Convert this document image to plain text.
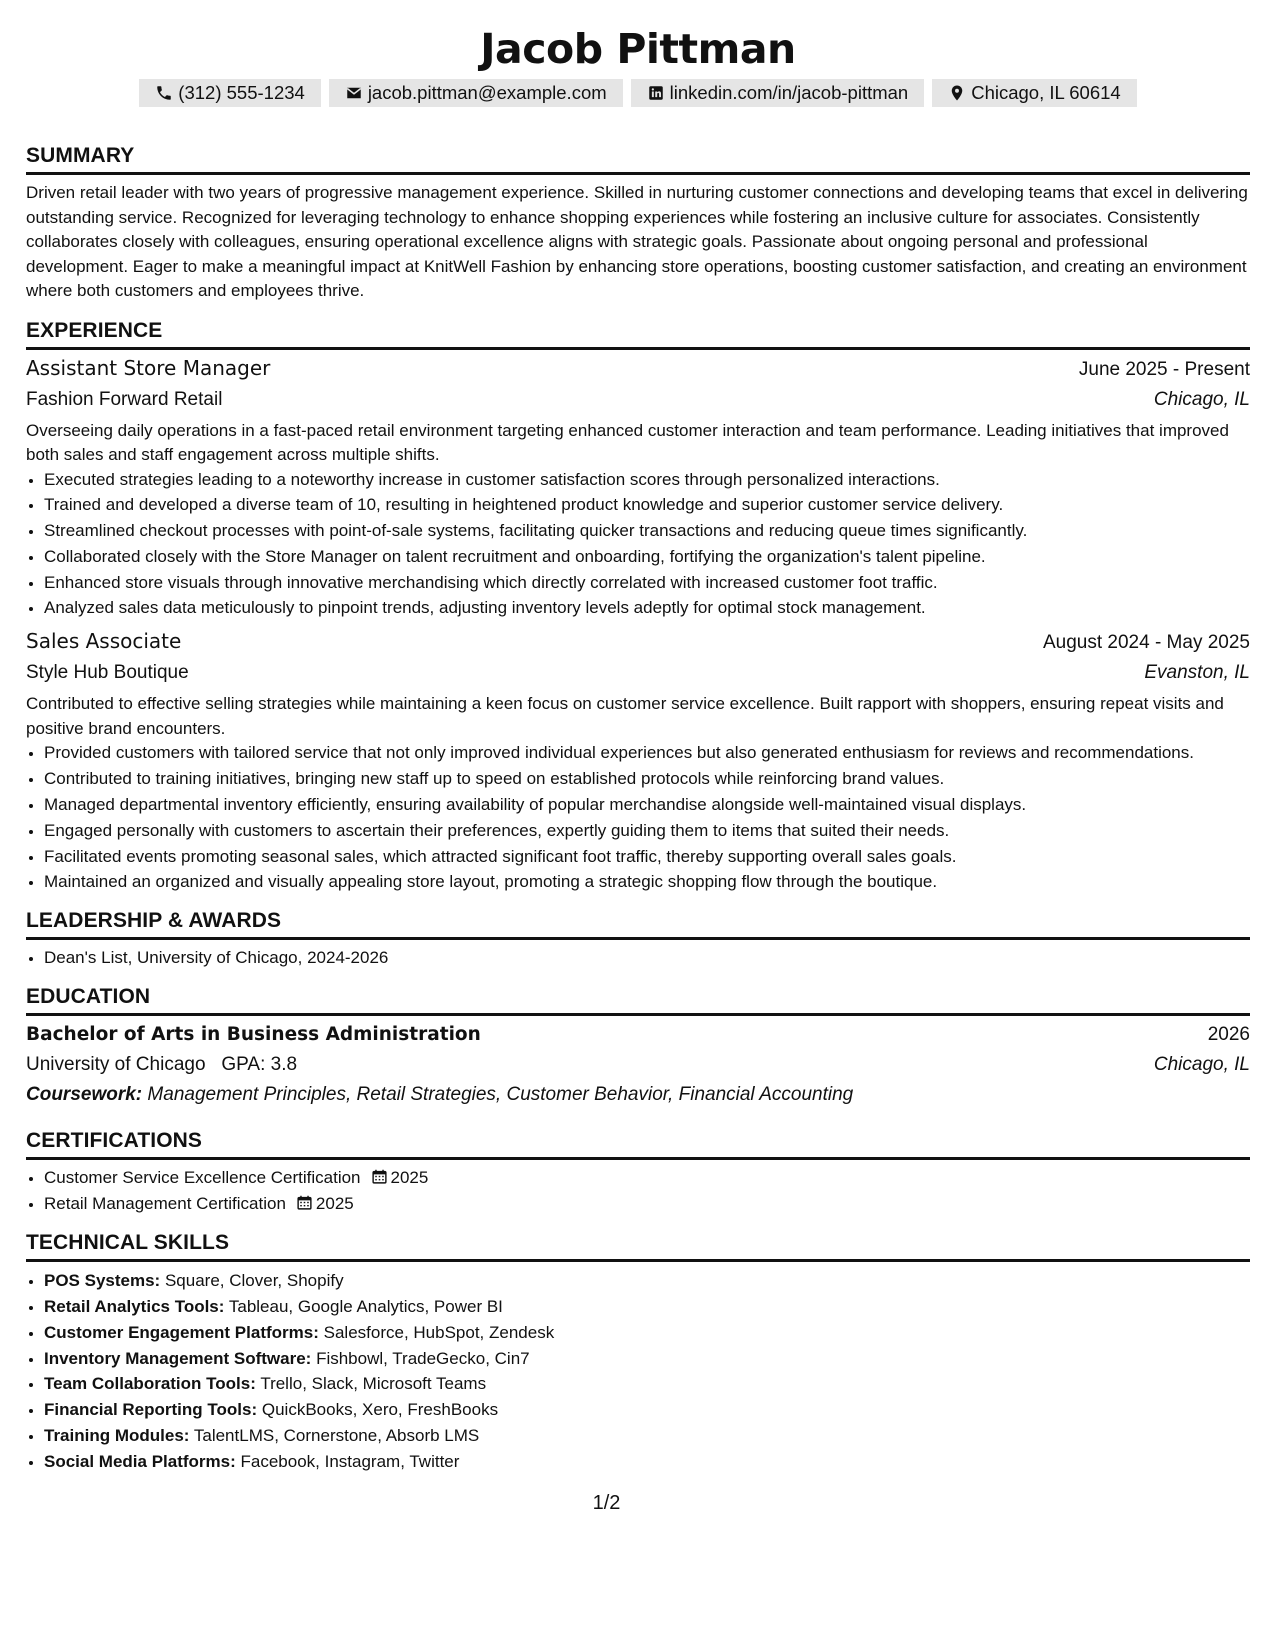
Jacob Pittman
(312) 555-1234	jacob.pittman@example.com	linkedin.com/in/jacob-pittman	Chicago, IL 60614
SUMMARY

Driven retail leader with two years of progressive management experience. Skilled in nurturing customer connections and developing teams that excel in delivering outstanding service. Recognized for leveraging technology to enhance shopping experiences while fostering an inclusive culture for associates. Consistently collaborates closely with colleagues, ensuring operational excellence aligns with strategic goals. Passionate about ongoing personal and professional development. Eager to make a meaningful impact at KnitWell Fashion by enhancing store operations, boosting customer satisfaction, and creating an environment where both customers and employees thrive.

EXPERIENCE
Assistant Store Manager	June 2025 - Present
Fashion Forward Retail	Chicago, IL

Overseeing daily operations in a fast-paced retail environment targeting enhanced customer interaction and team performance. Leading initiatives that improved both sales and staff engagement across multiple shifts.

• Executed strategies leading to a noteworthy increase in customer satisfaction scores through personalized interactions.
• Trained and developed a diverse team of 10, resulting in heightened product knowledge and superior customer service delivery.
• Streamlined checkout processes with point-of-sale systems, facilitating quicker transactions and reducing queue times significantly.
• Collaborated closely with the Store Manager on talent recruitment and onboarding, fortifying the organization's talent pipeline.
• Enhanced store visuals through innovative merchandising which directly correlated with increased customer foot traffic.
• Analyzed sales data meticulously to pinpoint trends, adjusting inventory levels adeptly for optimal stock management.
Sales Associate	August 2024 - May 2025
Style Hub Boutique	Evanston, IL

Contributed to effective selling strategies while maintaining a keen focus on customer service excellence. Built rapport with shoppers, ensuring repeat visits and positive brand encounters.

• Provided customers with tailored service that not only improved individual experiences but also generated enthusiasm for reviews and recommendations.
• Contributed to training initiatives, bringing new staff up to speed on established protocols while reinforcing brand values.
• Managed departmental inventory efficiently, ensuring availability of popular merchandise alongside well-maintained visual displays.
• Engaged personally with customers to ascertain their preferences, expertly guiding them to items that suited their needs.
• Facilitated events promoting seasonal sales, which attracted significant foot traffic, thereby supporting overall sales goals.
• Maintained an organized and visually appealing store layout, promoting a strategic shopping flow through the boutique.
LEADERSHIP & AWARDS
• Dean's List, University of Chicago, 2024-2026
EDUCATION
Bachelor of Arts in Business Administration	2026
University of Chicago GPA: 3.8	Chicago, IL
Coursework: Management Principles, Retail Strategies, Customer Behavior, Financial Accounting
CERTIFICATIONS
• Customer Service Excellence Certification 2025
• Retail Management Certification 2025
TECHNICAL SKILLS
• POS Systems: Square, Clover, Shopify
• Retail Analytics Tools: Tableau, Google Analytics, Power BI
• Customer Engagement Platforms: Salesforce, HubSpot, Zendesk
• Inventory Management Software: Fishbowl, TradeGecko, Cin7
• Team Collaboration Tools: Trello, Slack, Microsoft Teams
• Financial Reporting Tools: QuickBooks, Xero, FreshBooks
• Training Modules: TalentLMS, Cornerstone, Absorb LMS
• Social Media Platforms: Facebook, Instagram, Twitter
1/2
